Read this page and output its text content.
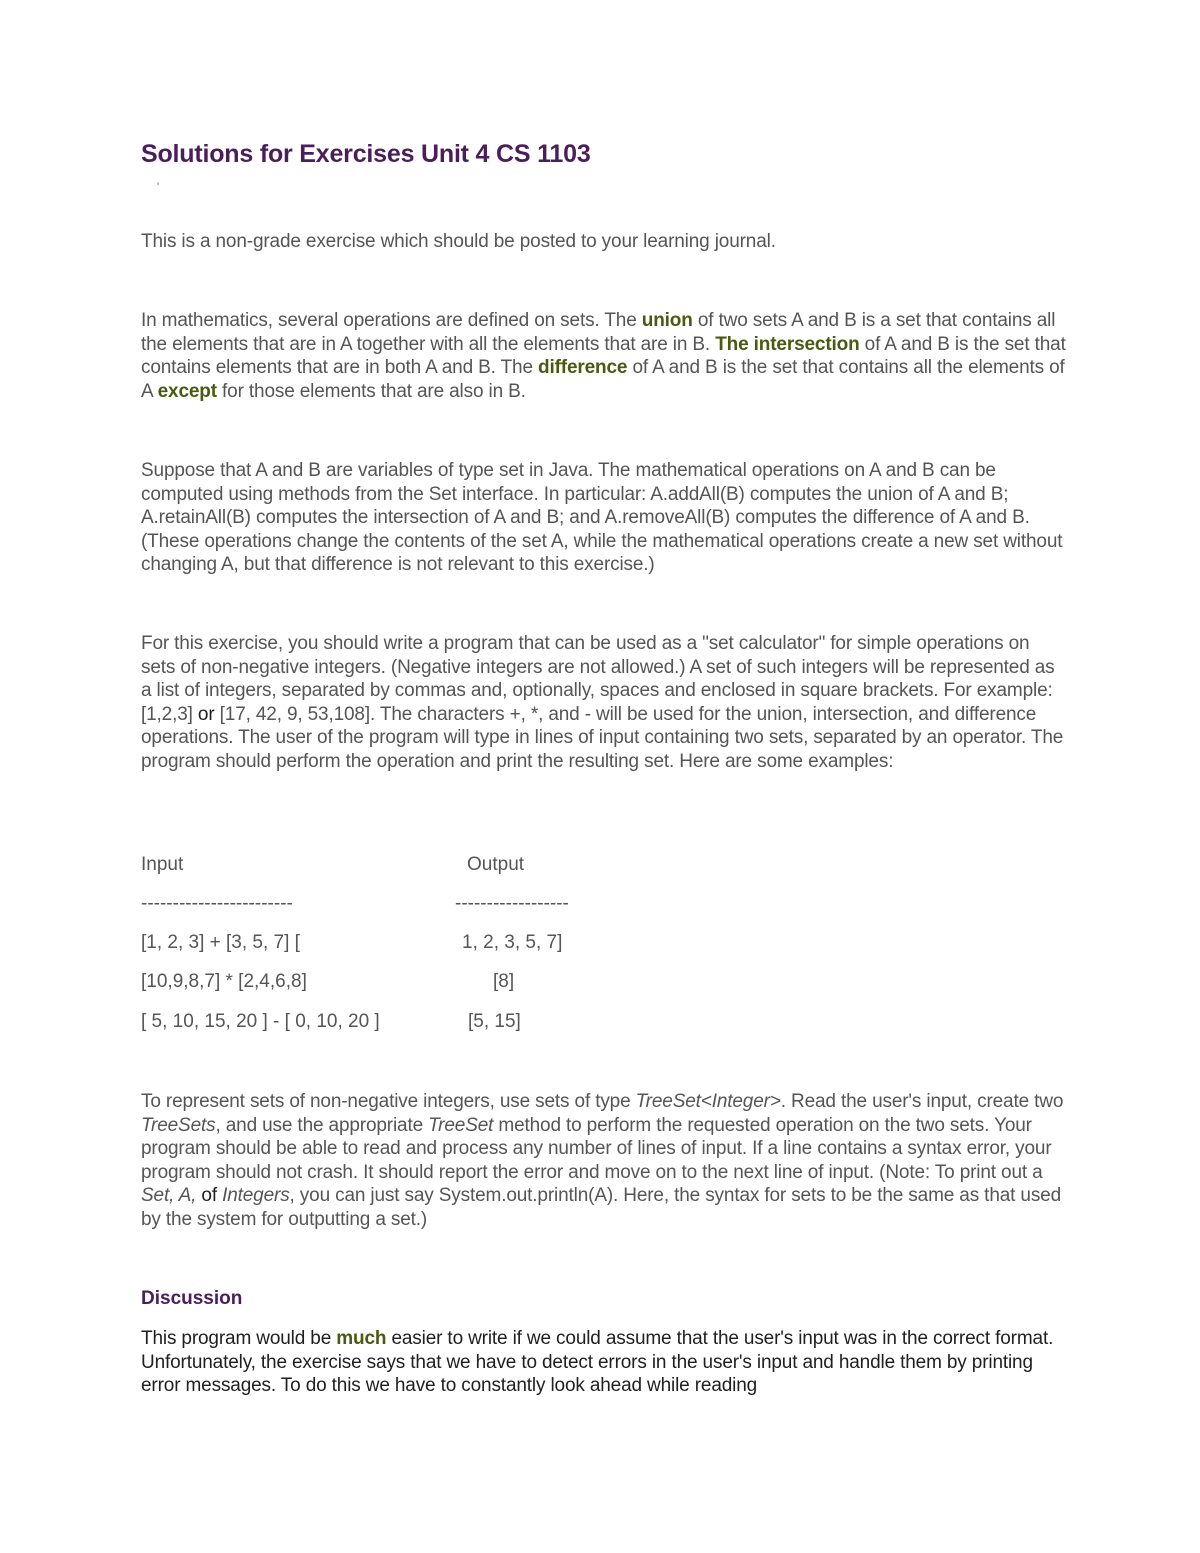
Solutions for Exercises Unit 4 CS 1103
'

This is a non-grade exercise which should be posted to your learning journal.

In mathematics, several operations are defined on sets. The union of two sets A and B is a set that contains all the elements that are in A together with all the elements that are in B. The intersection of A and B is the set that contains elements that are in both A and B. The difference of A and B is the set that contains all the elements of A except for those elements that are also in B.

Suppose that A and B are variables of type set in Java. The mathematical operations on A and B can be computed using methods from the Set interface. In particular: A.addAll(B) computes the union of A and B; A.retainAll(B) computes the intersection of A and B; and A.removeAll(B) computes the difference of A and B. (These operations change the contents of the set A, while the mathematical operations create a new set without changing A, but that difference is not relevant to this exercise.)

For this exercise, you should write a program that can be used as a "set calculator" for simple operations on sets of non-negative integers. (Negative integers are not allowed.) A set of such integers will be represented as a list of integers, separated by commas and, optionally, spaces and enclosed in square brackets. For example: [1,2,3] or [17, 42, 9, 53,108]. The characters +, *, and - will be used for the union, intersection, and difference operations. The user of the program will type in lines of input containing two sets, separated by an operator. The program should perform the operation and print the resulting set. Here are some examples:

Input	Output
------------------------	------------------
[1, 2, 3] + [3, 5, 7] [	1, 2, 3, 5, 7]
[10,9,8,7] * [2,4,6,8]	[8]
[ 5, 10, 15, 20 ] - [ 0, 10, 20 ]	[5, 15]

To represent sets of non-negative integers, use sets of type TreeSet<Integer>. Read the user's input, create two TreeSets, and use the appropriate TreeSet method to perform the requested operation on the two sets. Your program should be able to read and process any number of lines of input. If a line contains a syntax error, your program should not crash. It should report the error and move on to the next line of input. (Note: To print out a Set, A, of Integers, you can just say System.out.println(A). Here, the syntax for sets to be the same as that used by the system for outputting a set.)

Discussion

This program would be much easier to write if we could assume that the user's input was in the correct format. Unfortunately, the exercise says that we have to detect errors in the user's input and handle them by printing error messages. To do this we have to constantly look ahead while reading
